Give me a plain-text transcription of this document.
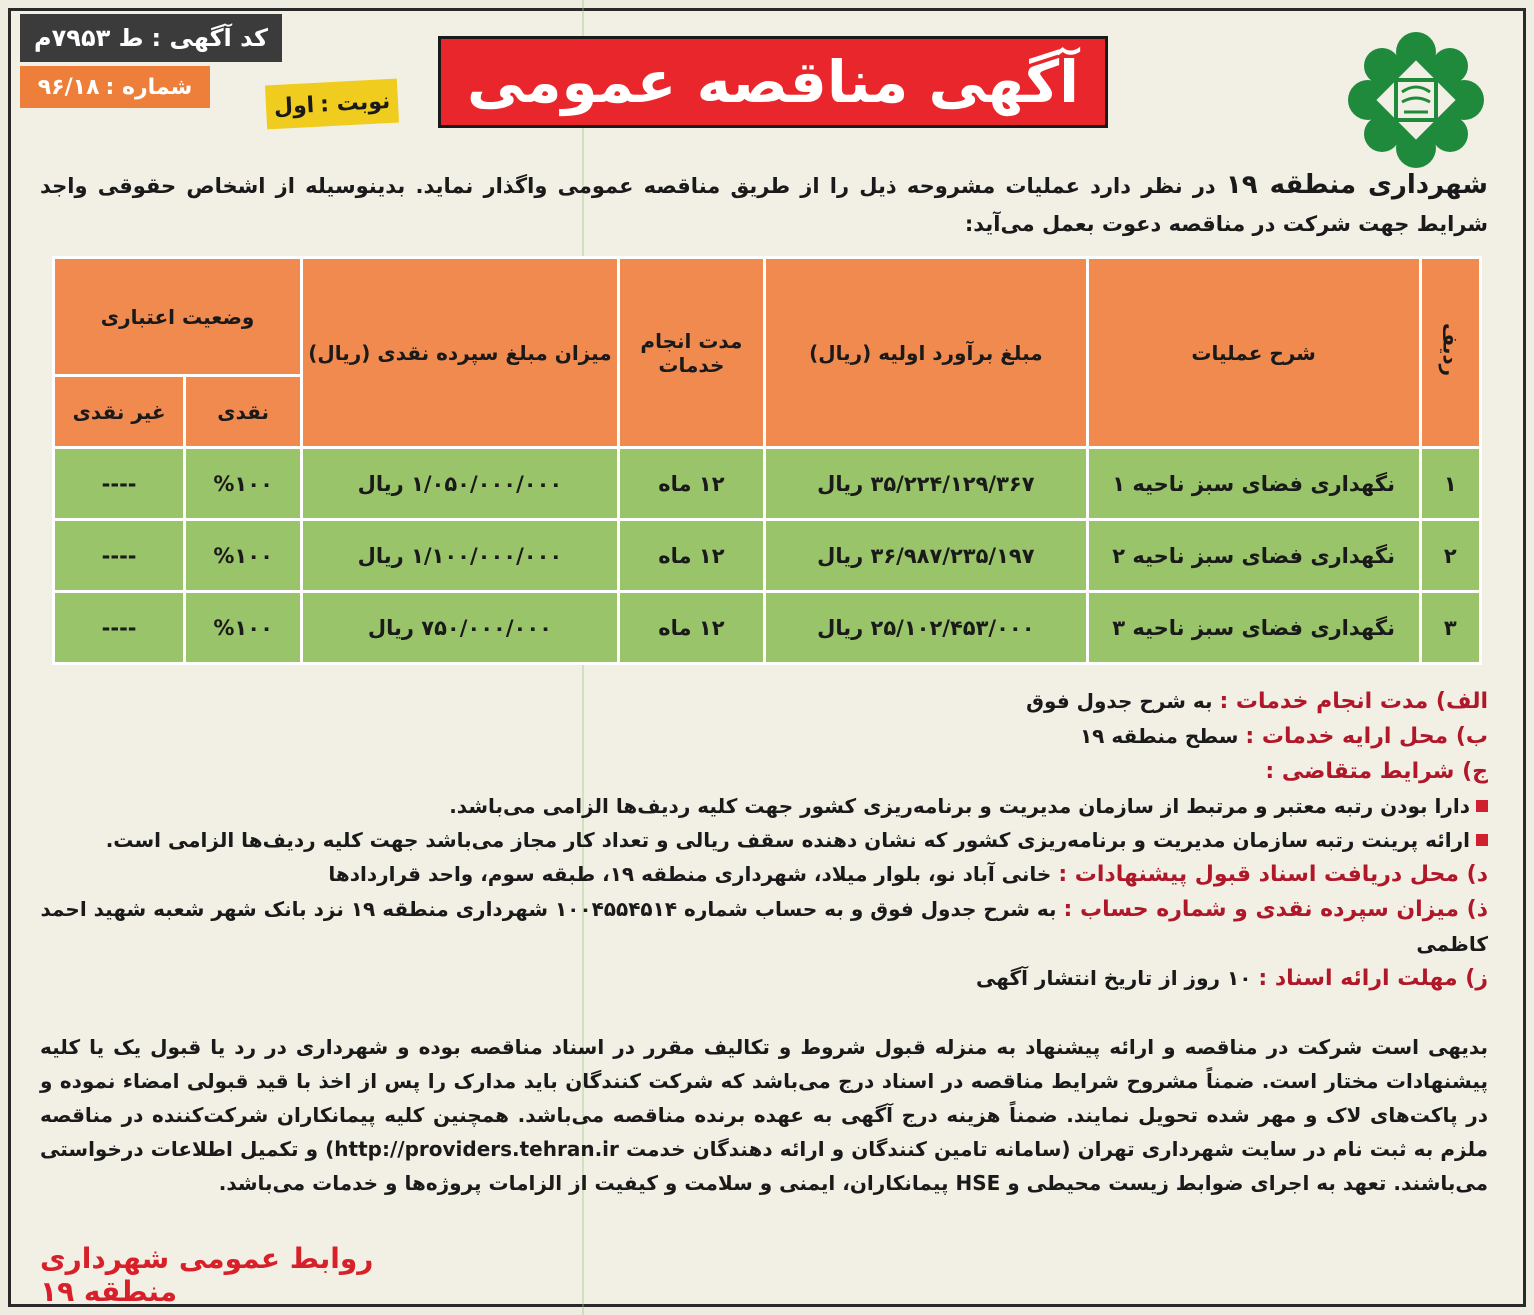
کد آگهی :
ط ۷۹۵۳م
شماره :
۹۶/۱۸
نوبت :
اول	آگهی مناقصه عمومی
شهرداری منطقه ۱۹ در نظر دارد عملیات مشروحه ذیل را از طریق مناقصه عمومی واگذار نماید. بدینوسیله از اشخاص حقوقی واجد شرایط جهت شرکت در مناقصه دعوت بعمل می‌آید:
ردیف	شرح عملیات	مبلغ برآورد اولیه (ریال)	مدت انجام خدمات	میزان مبلغ سپرده نقدی (ریال)	وضعیت اعتباری	
					نقدی	غیر نقدی
۱	نگهداری فضای سبز ناحیه ۱	۳۵/۲۲۴/۱۲۹/۳۶۷ ریال	۱۲ ماه	۱/۰۵۰/۰۰۰/۰۰۰ ریال	%۱۰۰	----
۲	نگهداری فضای سبز ناحیه ۲	۳۶/۹۸۷/۲۳۵/۱۹۷ ریال	۱۲ ماه	۱/۱۰۰/۰۰۰/۰۰۰ ریال	%۱۰۰	----
۳	نگهداری فضای سبز ناحیه ۳	۲۵/۱۰۲/۴۵۳/۰۰۰ ریال	۱۲ ماه	۷۵۰/۰۰۰/۰۰۰ ریال	%۱۰۰	----
الف) مدت انجام خدمات : به شرح جدول فوق
ب) محل ارایه خدمات : سطح منطقه ۱۹
ج) شرایط متقاضی :
دارا بودن رتبه معتبر و مرتبط از سازمان مدیریت و برنامه‌ریزی کشور جهت کلیه ردیف‌ها الزامی می‌باشد.
ارائه پرینت رتبه سازمان مدیریت و برنامه‌ریزی کشور که نشان دهنده سقف ریالی و تعداد کار مجاز می‌باشد جهت کلیه ردیف‌ها الزامی است.
د) محل دریافت اسناد قبول پیشنهادات : خانی آباد نو، بلوار میلاد، شهرداری منطقه ۱۹، طبقه سوم، واحد قراردادها
ذ) میزان سپرده نقدی و شماره حساب : به شرح جدول فوق و به حساب شماره ۱۰۰۴۵۵۴۵۱۴ شهرداری منطقه ۱۹ نزد بانک شهر شعبه شهید احمد کاظمی
ز) مهلت ارائه اسناد : ۱۰ روز از تاریخ انتشار آگهی
بدیهی است شرکت در مناقصه و ارائه پیشنهاد به منزله قبول شروط و تکالیف مقرر در اسناد مناقصه بوده و شهرداری در رد یا قبول یک یا کلیه پیشنهادات مختار است. ضمناً مشروح شرایط مناقصه در اسناد درج می‌باشد که شرکت کنندگان باید مدارک را پس از اخذ با قید قبولی امضاء نموده و در پاکت‌های لاک و مهر شده تحویل نمایند. ضمناً هزینه درج آگهی به عهده برنده مناقصه می‌باشد. همچنین کلیه پیمانکاران شرکت‌کننده در مناقصه ملزم به ثبت نام در سایت شهرداری تهران (سامانه تامین کنندگان و ارائه دهندگان خدمت http://providers.tehran.ir) و تکمیل اطلاعات درخواستی می‌باشند. تعهد به اجرای ضوابط زیست محیطی و HSE پیمانکاران، ایمنی و سلامت و کیفیت از الزامات پروژه‌ها و خدمات می‌باشد.
روابط عمومی شهرداری منطقه ۱۹
